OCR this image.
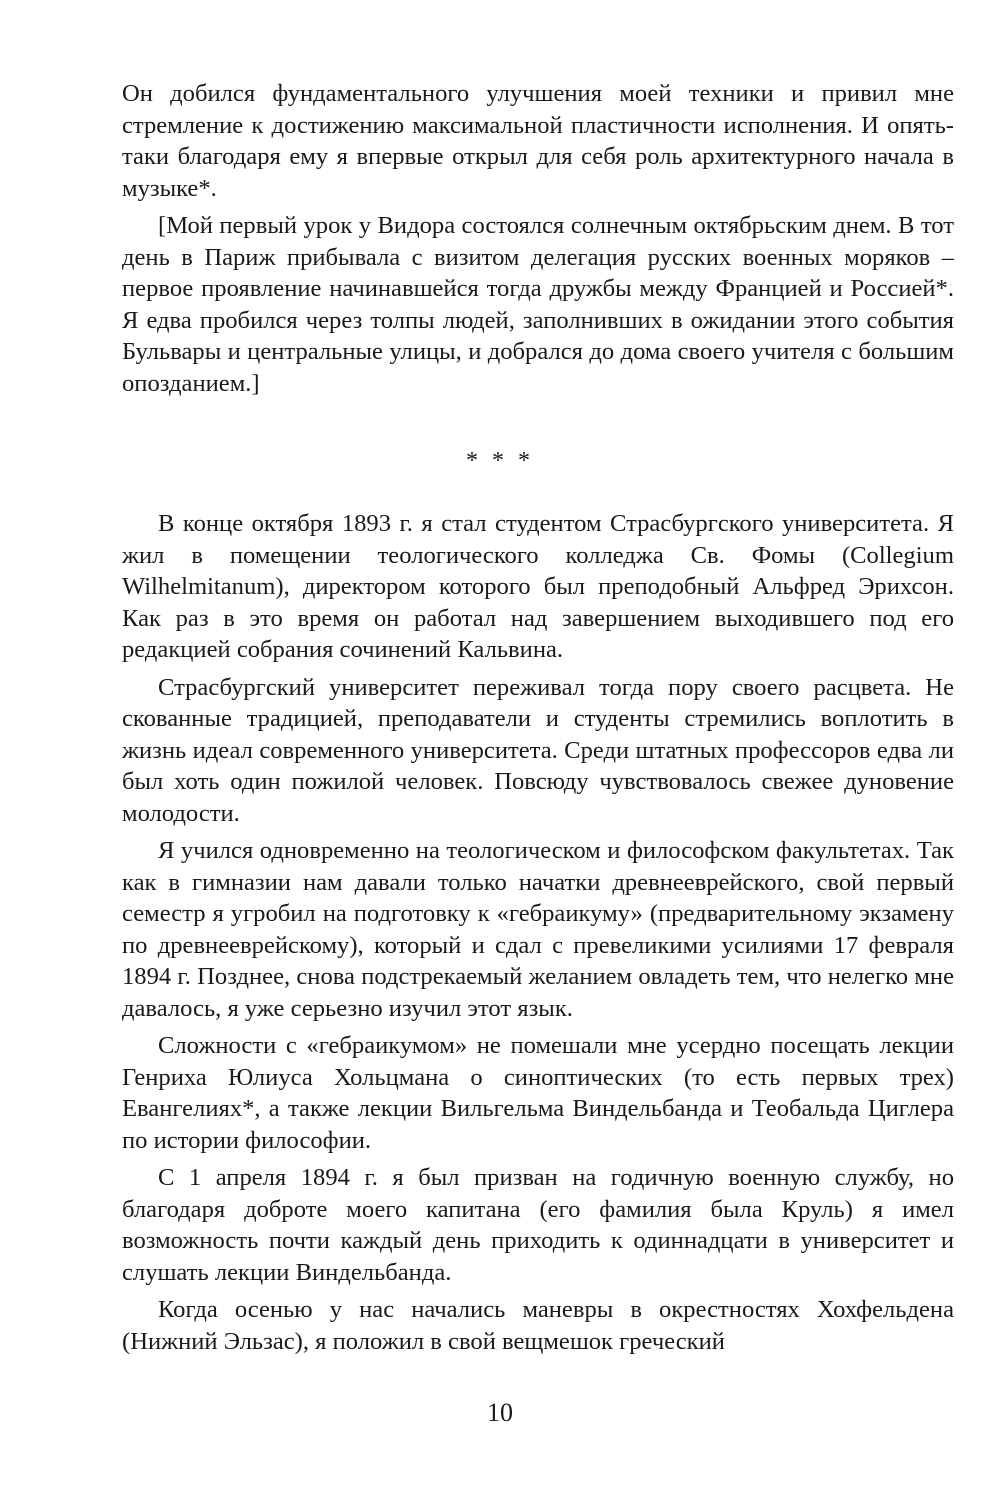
Он добился фундаментального улучшения моей техники и привил мне стремление к достижению максимальной пластичности исполнения. И опять-таки благодаря ему я впервые открыл для себя роль архитектурного начала в музыке*.

[Мой первый урок у Видора состоялся солнечным октябрьским днем. В тот день в Париж прибывала с визитом делегация русских военных моряков – первое проявление начинавшейся тогда дружбы между Францией и Россией*. Я едва пробился через толпы людей, заполнивших в ожидании этого события Бульвары и центральные улицы, и добрался до дома своего учителя с большим опозданием.]

* * *

В конце октября 1893 г. я стал студентом Страсбургского университета. Я жил в помещении теологического колледжа Св. Фомы (Collegium Wilhelmitanum), директором которого был преподобный Альфред Эрихсон. Как раз в это время он работал над завершением выходившего под его редакцией собрания сочинений Кальвина.

Страсбургский университет переживал тогда пору своего расцвета. Не скованные традицией, преподаватели и студенты стремились воплотить в жизнь идеал современного университета. Среди штатных профессоров едва ли был хоть один пожилой человек. Повсюду чувствовалось свежее дуновение молодости.

Я учился одновременно на теологическом и философском факультетах. Так как в гимназии нам давали только начатки древнееврейского, свой первый семестр я угробил на подготовку к «гебраикуму» (предварительному экзамену по древнееврейскому), который и сдал с превеликими усилиями 17 февраля 1894 г. Позднее, снова подстрекаемый желанием овладеть тем, что нелегко мне давалось, я уже серьезно изучил этот язык.

Сложности с «гебраикумом» не помешали мне усердно посещать лекции Генриха Юлиуса Хольцмана о синоптических (то есть первых трех) Евангелиях*, а также лекции Вильгельма Виндельбанда и Теобальда Циглера по истории философии.

С 1 апреля 1894 г. я был призван на годичную военную службу, но благодаря доброте моего капитана (его фамилия была Круль) я имел возможность почти каждый день приходить к одиннадцати в университет и слушать лекции Виндельбанда.

Когда осенью у нас начались маневры в окрестностях Хохфельдена (Нижний Эльзас), я положил в свой вещмешок греческий

10
